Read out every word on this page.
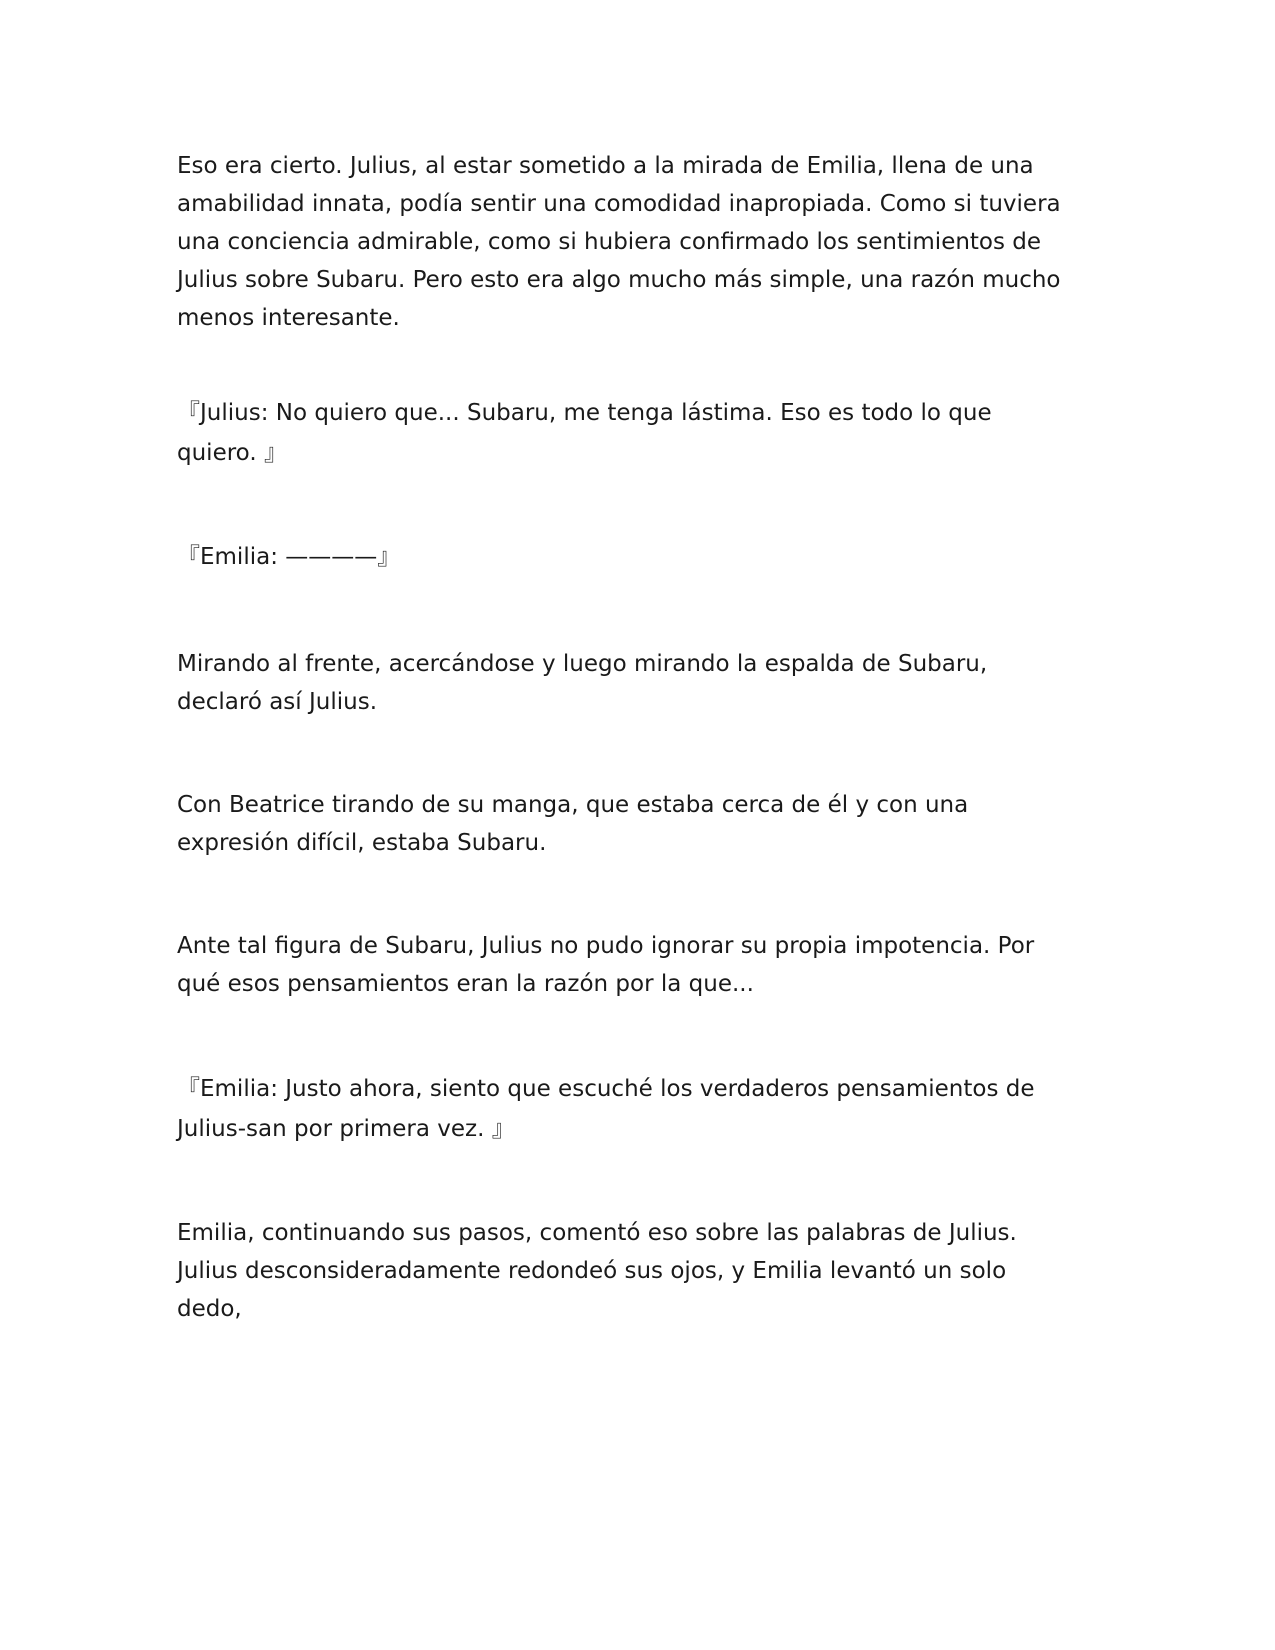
Eso era cierto. Julius, al estar sometido a la mirada de Emilia, llena de una
amabilidad innata, podía sentir una comodidad inapropiada. Como si tuviera
una conciencia admirable, como si hubiera confirmado los sentimientos de
Julius sobre Subaru. Pero esto era algo mucho más simple, una razón mucho
menos interesante.

『Julius: No quiero que... Subaru, me tenga lástima. Eso es todo lo que
quiero. 』

『Emilia: ————』

Mirando al frente, acercándose y luego mirando la espalda de Subaru,
declaró así Julius.

Con Beatrice tirando de su manga, que estaba cerca de él y con una
expresión difícil, estaba Subaru.

Ante tal figura de Subaru, Julius no pudo ignorar su propia impotencia. Por
qué esos pensamientos eran la razón por la que...

『Emilia: Justo ahora, siento que escuché los verdaderos pensamientos de
Julius-san por primera vez. 』

Emilia, continuando sus pasos, comentó eso sobre las palabras de Julius.
Julius desconsideradamente redondeó sus ojos, y Emilia levantó un solo
dedo,
